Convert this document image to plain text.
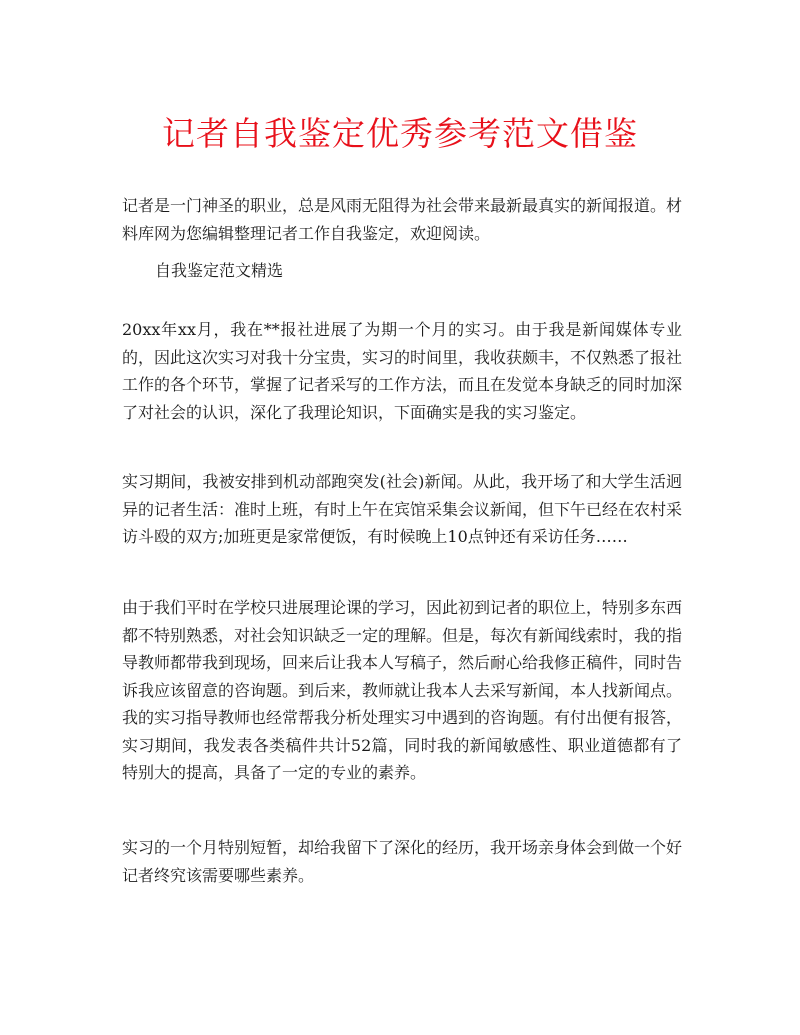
记者自我鉴定优秀参考范文借鉴

记者是一门神圣的职业，总是风雨无阻得为社会带来最新最真实的新闻报道。材料库网为您编辑整理记者工作自我鉴定，欢迎阅读。

自我鉴定范文精选

20xx年xx月，我在**报社进展了为期一个月的实习。由于我是新闻媒体专业的，因此这次实习对我十分宝贵，实习的时间里，我收获颇丰，不仅熟悉了报社工作的各个环节，掌握了记者采写的工作方法，而且在发觉本身缺乏的同时加深了对社会的认识，深化了我理论知识，下面确实是我的实习鉴定。

实习期间，我被安排到机动部跑突发(社会)新闻。从此，我开场了和大学生活迥异的记者生活：准时上班，有时上午在宾馆采集会议新闻，但下午已经在农村采访斗殴的双方;加班更是家常便饭，有时候晚上10点钟还有采访任务……

由于我们平时在学校只进展理论课的学习，因此初到记者的职位上，特别多东西都不特别熟悉，对社会知识缺乏一定的理解。但是，每次有新闻线索时，我的指导教师都带我到现场，回来后让我本人写稿子，然后耐心给我修正稿件，同时告诉我应该留意的咨询题。到后来，教师就让我本人去采写新闻，本人找新闻点。我的实习指导教师也经常帮我分析处理实习中遇到的咨询题。有付出便有报答，实习期间，我发表各类稿件共计52篇，同时我的新闻敏感性、职业道德都有了特别大的提高，具备了一定的专业的素养。

实习的一个月特别短暂，却给我留下了深化的经历，我开场亲身体会到做一个好记者终究该需要哪些素养。
